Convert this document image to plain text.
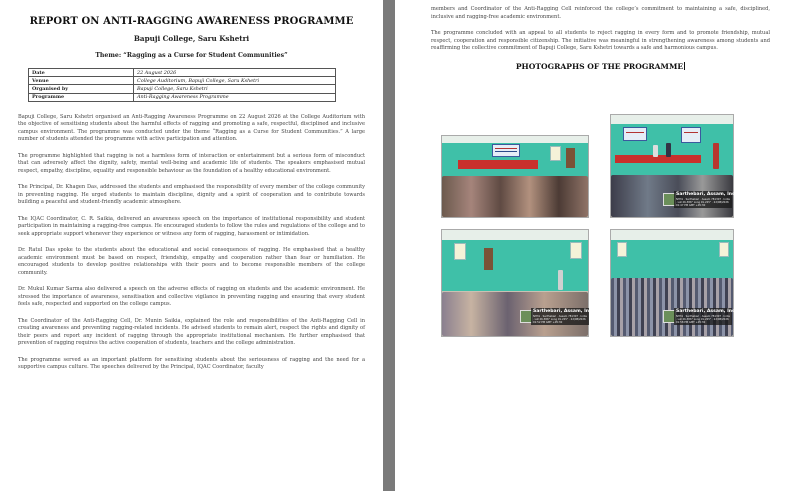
REPORT ON ANTI-RAGGING AWARENESS PROGRAMME
Bapuji College, Saru Kshetri
Theme: “Ragging as a Curse for Student Communities”
Date	22 August 2026
Venue	College Auditorium, Bapuji College, Saru Kshetri
Organised by	Bapuji College, Saru Kshetri
Programme	Anti-Ragging Awareness Programme

Bapuji College, Saru Kshetri organised an Anti-Ragging Awareness Programme on 22 August 2026 at the College Auditorium with the objective of sensitising students about the harmful effects of ragging and promoting a safe, respectful, disciplined and inclusive campus environment. The programme was conducted under the theme “Ragging as a Curse for Student Communities.” A large number of students attended the programme with active participation and attention.

The programme highlighted that ragging is not a harmless form of interaction or entertainment but a serious form of misconduct that can adversely affect the dignity, safety, mental well-being and academic life of students. The speakers emphasised mutual respect, empathy, discipline, equality and responsible behaviour as the foundation of a healthy educational environment.

The Principal, Dr. Khagen Das, addressed the students and emphasised the responsibility of every member of the college community in preventing ragging. He urged students to maintain discipline, dignity and a spirit of cooperation and to contribute towards building a peaceful and student-friendly academic atmosphere.

The IQAC Coordinator, C. R. Saikia, delivered an awareness speech on the importance of institutional responsibility and student participation in maintaining a ragging-free campus. He encouraged students to follow the rules and regulations of the college and to seek appropriate support whenever they experience or witness any form of ragging, harassment or intimidation.

Dr. Ratul Das spoke to the students about the educational and social consequences of ragging. He emphasised that a healthy academic environment must be based on respect, friendship, empathy and cooperation rather than fear or humiliation. He encouraged students to develop positive relationships with their peers and to become responsible members of the college community.

Dr. Mukul Kumar Sarma also delivered a speech on the adverse effects of ragging on students and the academic environment. He stressed the importance of awareness, sensitisation and collective vigilance in preventing ragging and ensuring that every student feels safe, respected and supported on the college campus.

The Coordinator of the Anti-Ragging Cell, Dr. Munin Saikia, explained the role and responsibilities of the Anti-Ragging Cell in creating awareness and preventing ragging-related incidents. He advised students to remain alert, respect the rights and dignity of their peers and report any incident of ragging through the appropriate institutional mechanism. He further emphasised that prevention of ragging requires the active cooperation of students, teachers and the college administration.

The programme served as an important platform for sensitising students about the seriousness of ragging and the need for a supportive campus culture. The speeches delivered by the Principal, IQAC Coordinator, faculty

members and Coordinator of the Anti-Ragging Cell reinforced the college’s commitment to maintaining a safe, disciplined, inclusive and ragging-free academic environment.

The programme concluded with an appeal to all students to reject ragging in every form and to promote friendship, mutual respect, cooperation and responsible citizenship. The initiative was meaningful in strengthening awareness among students and reaffirming the collective commitment of Bapuji College, Saru Kshetri towards a safe and harmonious campus.

PHOTOGRAPHS OF THE PROGRAMME
Sarthebari, Assam, India
NH31 · Sarthebari · Assam 781307 · India · Lat 26.386° Long 91.225° · 22/08/2026 01:47 PM GMT +05:30
Sarthebari, Assam, India
NH31 · Sarthebari · Assam 781307 · India · Lat 26.386° Long 91.225° · 22/08/2026 01:52 PM GMT +05:30
Sarthebari, Assam, India
NH31 · Sarthebari · Assam 781307 · India · Lat 26.386° Long 91.225° · 22/08/2026 01:58 PM GMT +05:30
